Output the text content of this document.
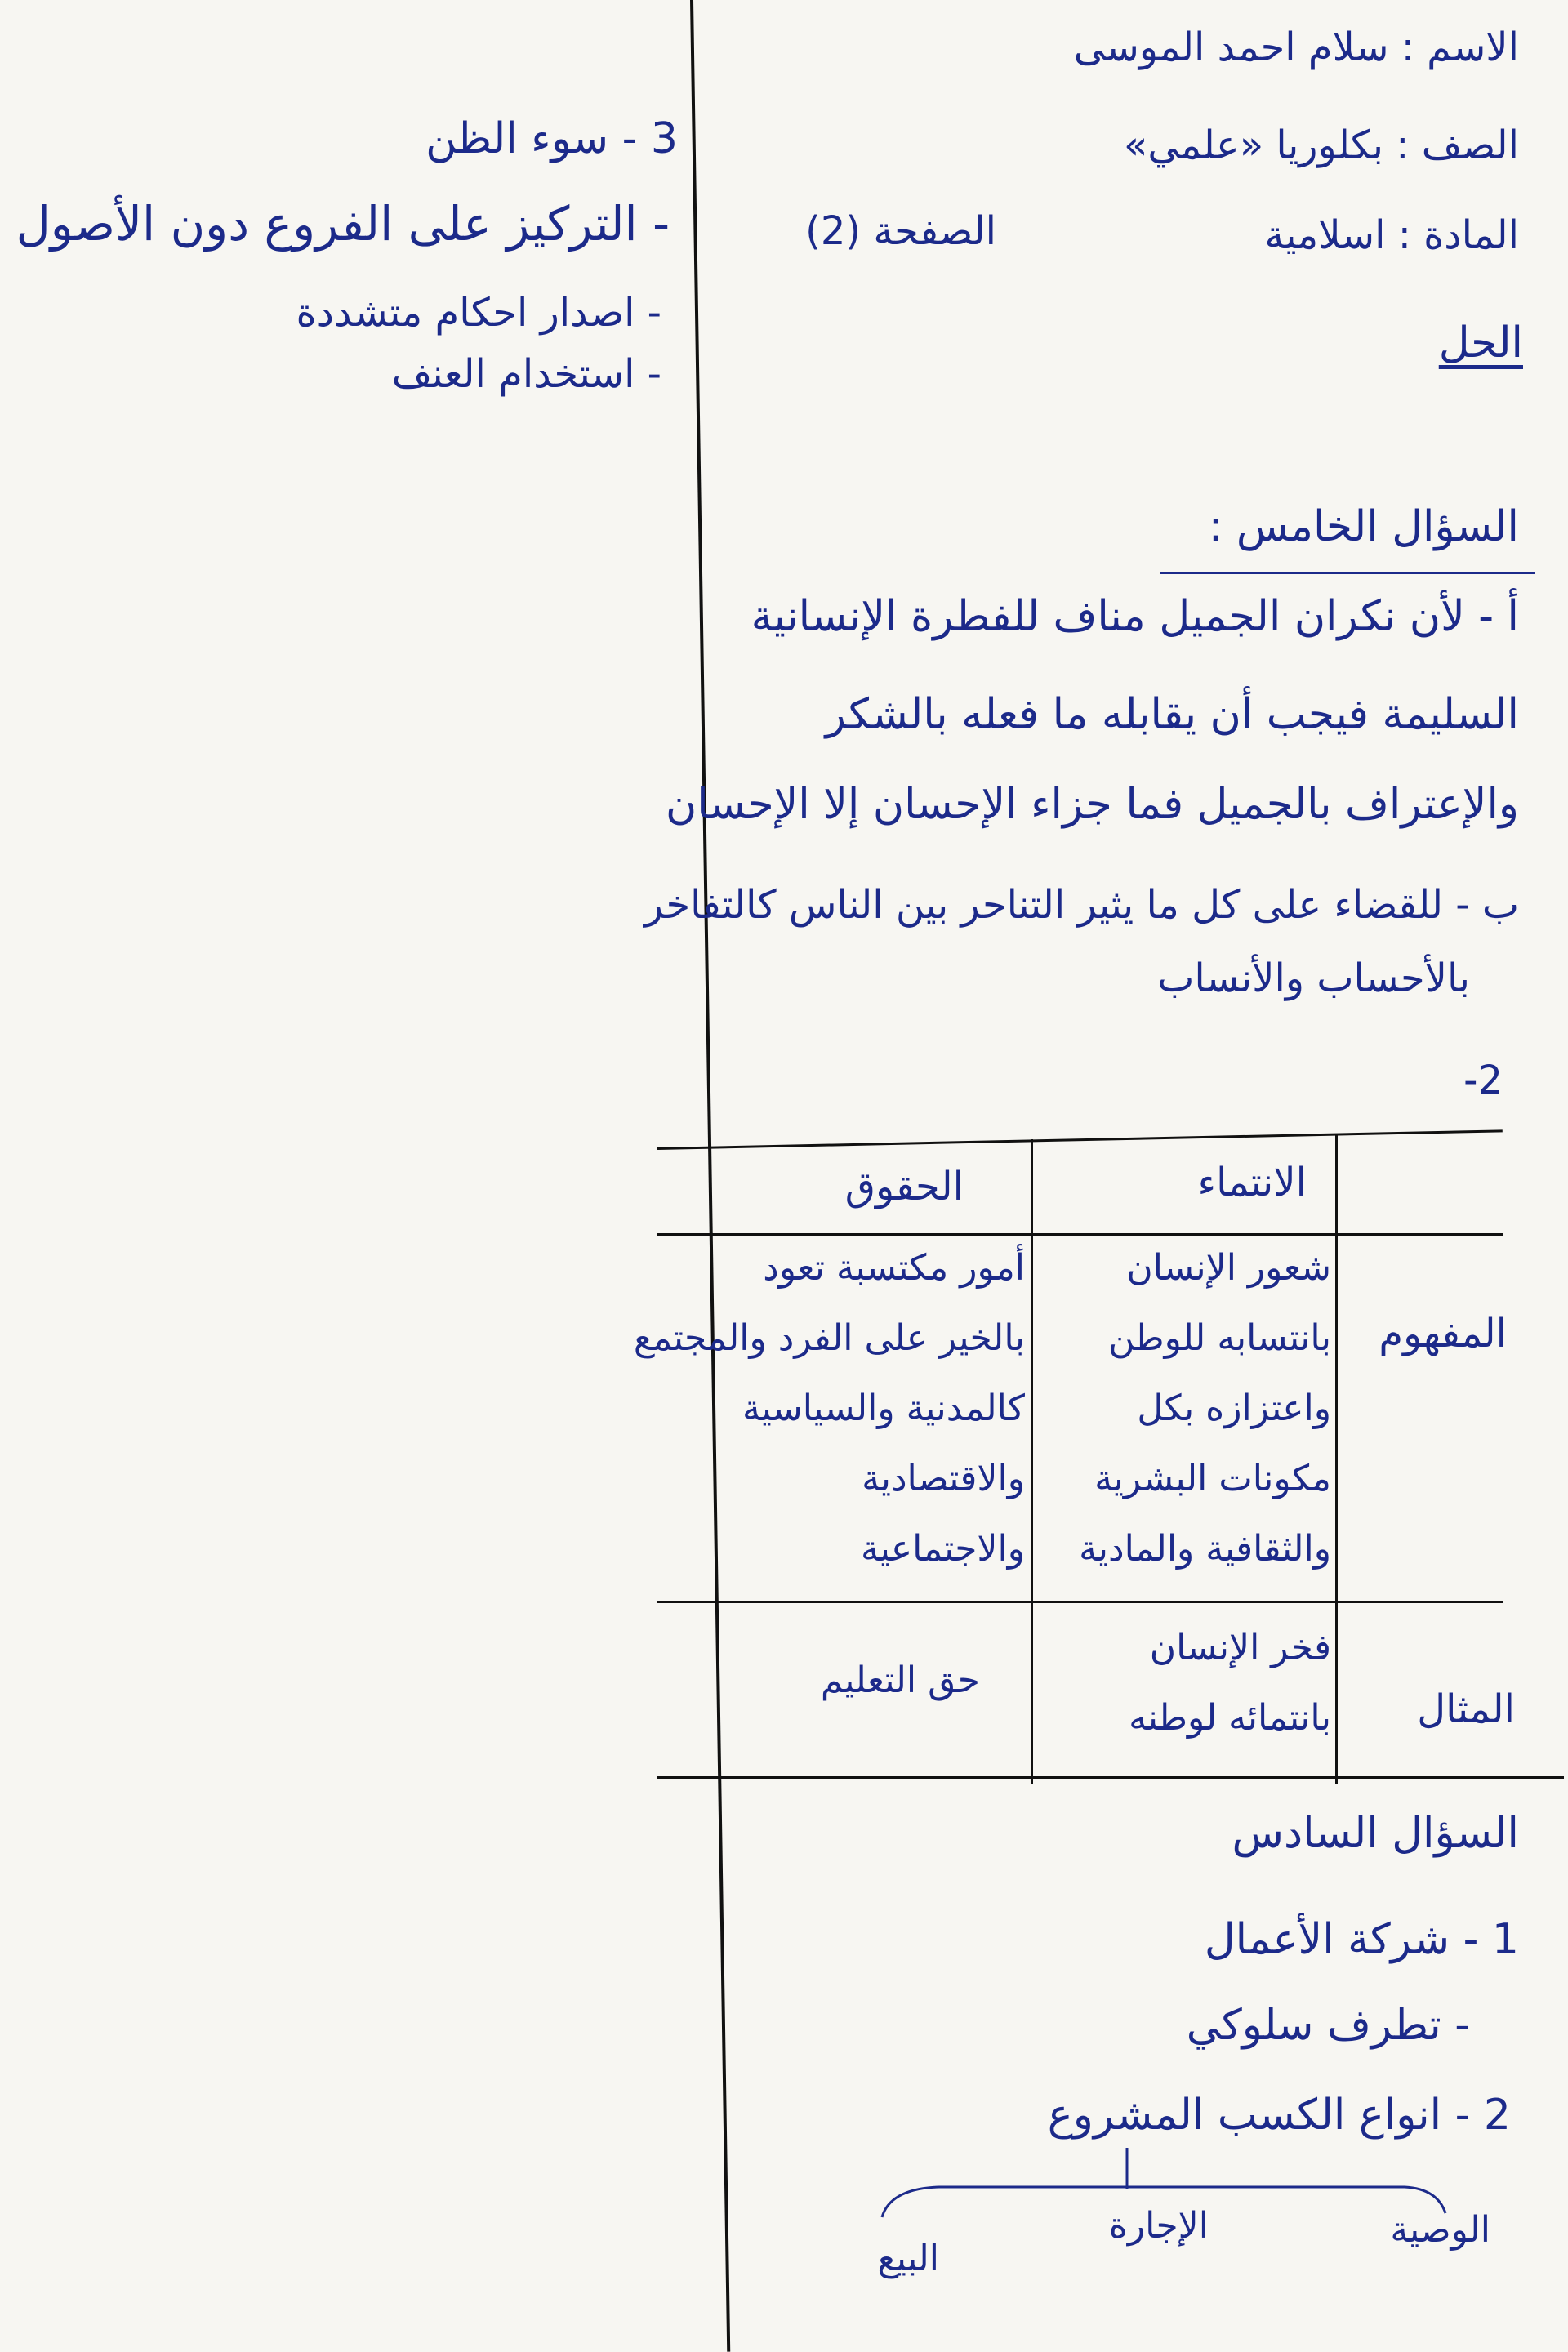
3 - سوء الظن
- التركيز على الفروع دون الأصول
- اصدار احكام متشددة
- استخدام العنف
الاسم : سلام احمد الموسى
الصف : بكلوريا «علمي»
المادة : اسلامية
الصفحة (2)
الحل
السؤال الخامس :
أ - لأن نكران الجميل مناف للفطرة الإنسانية
السليمة فيجب أن يقابله ما فعله بالشكر
والإعتراف بالجميل فما جزاء الإحسان إلا الإحسان
ب - للقضاء على كل ما يثير التناحر بين الناس كالتفاخر
بالأحساب والأنساب
2-
الانتماء
الحقوق
المفهوم
شعور الإنسان
بانتسابه للوطن
واعتزازه بكل
مكونات البشرية
والثقافية والمادية
أمور مكتسبة تعود
بالخير على الفرد والمجتمع
كالمدنية والسياسية
والاقتصادية
والاجتماعية
المثال
فخر الإنسان
بانتمائه لوطنه
حق التعليم
السؤال السادس
1 - شركة الأعمال
- تطرف سلوكي
2 - انواع الكسب المشروع
الوصية
الإجارة
البيع
